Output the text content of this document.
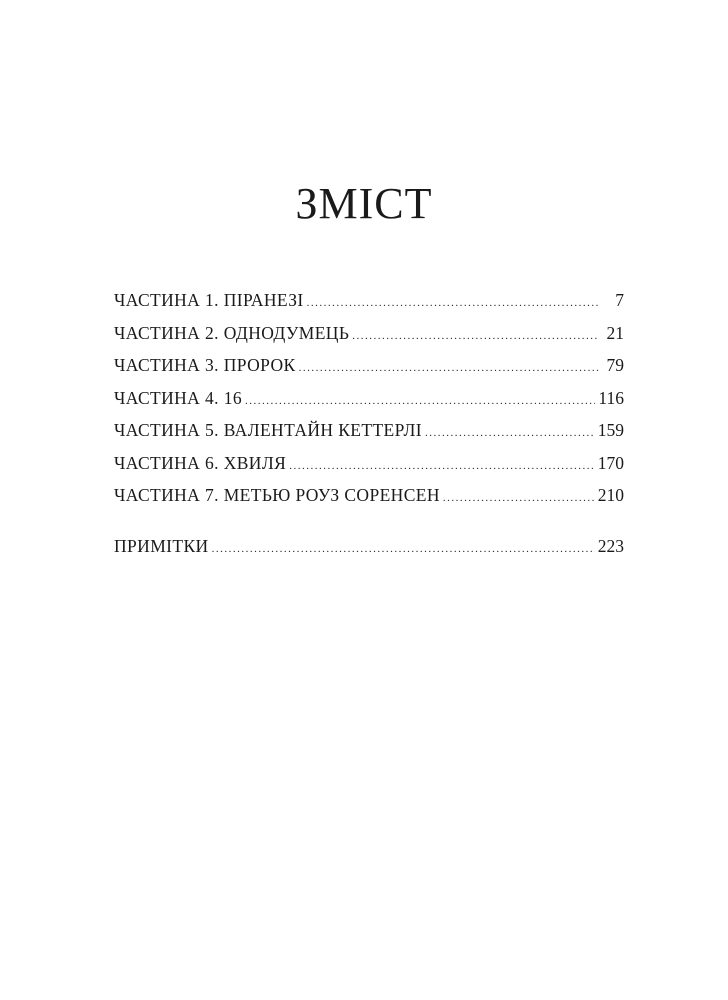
ЗМІСТ
ЧАСТИНА 1. ПІРАНЕЗІ .....	7
ЧАСТИНА 2. ОДНОДУМЕЦЬ .....	21
ЧАСТИНА 3. ПРОРОК .....	79
ЧАСТИНА 4. 16 .....	116
ЧАСТИНА 5. ВАЛЕНТАЙН КЕТТЕРЛІ .....	159
ЧАСТИНА 6. ХВИЛЯ .....	170
ЧАСТИНА 7. МЕТЬЮ РОУЗ СОРЕНСЕН .....	210
ПРИМІТКИ .....	223
